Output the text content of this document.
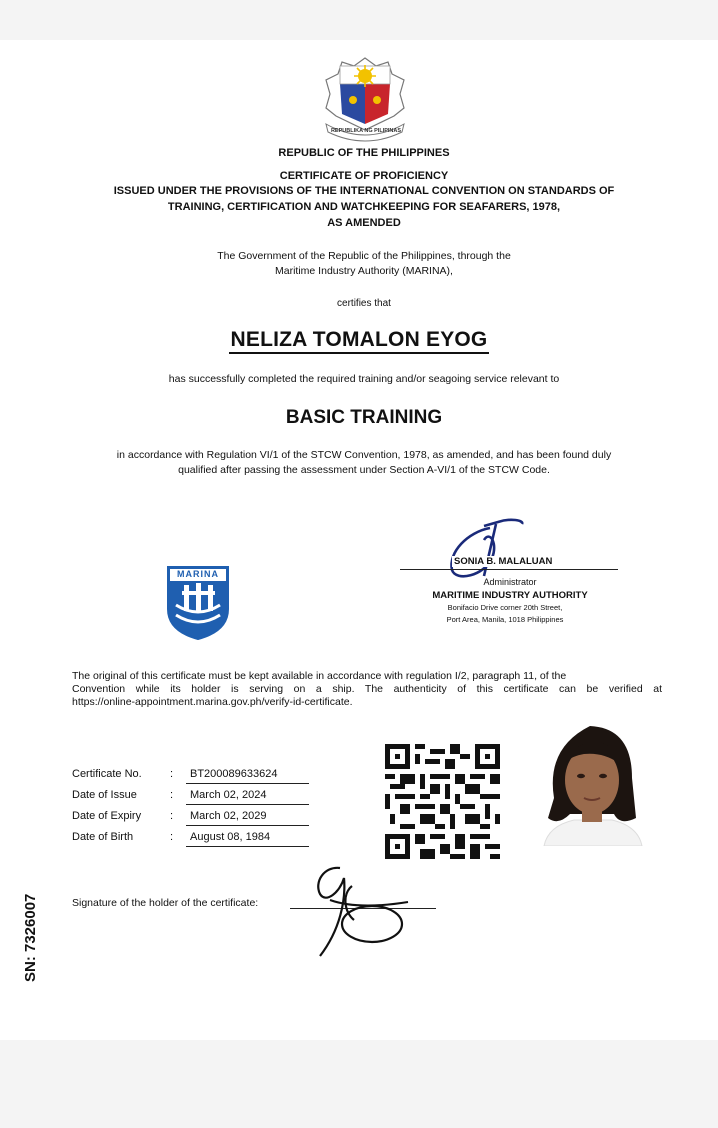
REPUBLIKA NG PILIPINAS
REPUBLIC OF THE PHILIPPINES
CERTIFICATE OF PROFICIENCY
ISSUED UNDER THE PROVISIONS OF THE INTERNATIONAL CONVENTION ON STANDARDS OF
TRAINING, CERTIFICATION AND WATCHKEEPING FOR SEAFARERS, 1978,
AS AMENDED
The Government of the Republic of the Philippines, through the
Maritime Industry Authority (MARINA),
certifies that
NELIZA TOMALON EYOG
has successfully completed the required training and/or seagoing service relevant to
BASIC TRAINING
in accordance with Regulation VI/1 of the STCW Convention, 1978, as amended, and has been found duly
qualified after passing the assessment under Section A-VI/1 of the STCW Code.
MARINA
SONIA B. MALALUAN
Administrator
MARITIME INDUSTRY AUTHORITY
Bonifacio Drive corner 20th Street,
Port Area, Manila, 1018 Philippines
The original of this certificate must be kept available in accordance with regulation I/2, paragraph 11, of the
Convention while its holder is serving on a ship. The authenticity of this certificate can be verified at
https://online-appointment.marina.gov.ph/verify-id-certificate.
Certificate No.	: BT200089633624
Date of Issue	: March 02, 2024
Date of Expiry	: March 02, 2029
Date of Birth	: August 08, 1984
Signature of the holder of the certificate:
SN: 7326007
